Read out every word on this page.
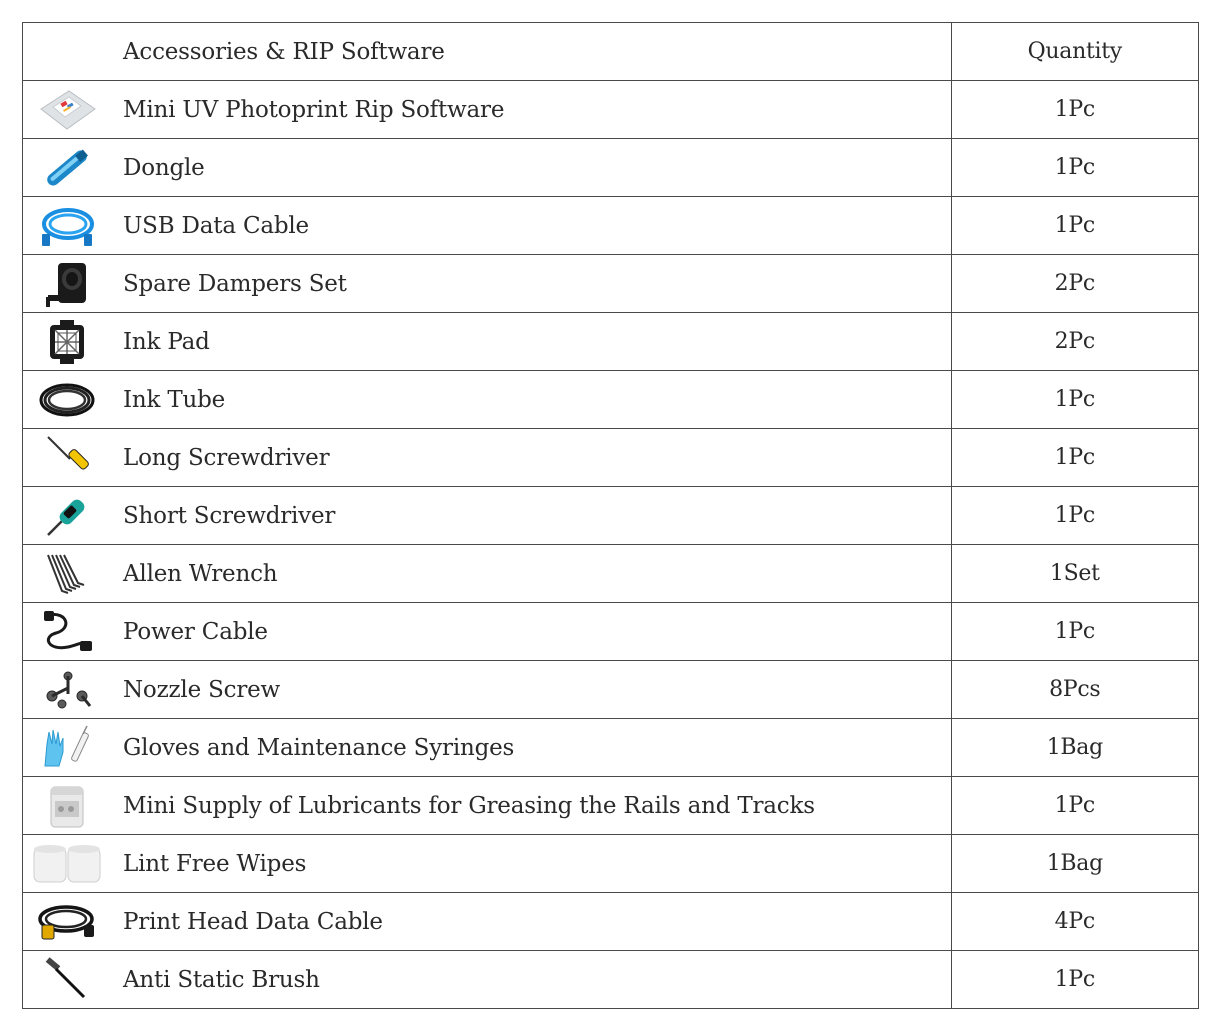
Accessories & RIP Software	Quantity

Mini UV Photoprint Rip Software	1Pc

Dongle	1Pc

USB Data Cable	1Pc

Spare Dampers Set	2Pc

Ink Pad	2Pc

Ink Tube	1Pc

Long Screwdriver	1Pc

Short Screwdriver	1Pc

Allen Wrench	1Set

Power Cable	1Pc

Nozzle Screw	8Pcs

Gloves and Maintenance Syringes	1Bag

Mini Supply of Lubricants for Greasing the Rails and Tracks	1Pc

Lint Free Wipes	1Bag

Print Head Data Cable	4Pc

Anti Static Brush	1Pc
